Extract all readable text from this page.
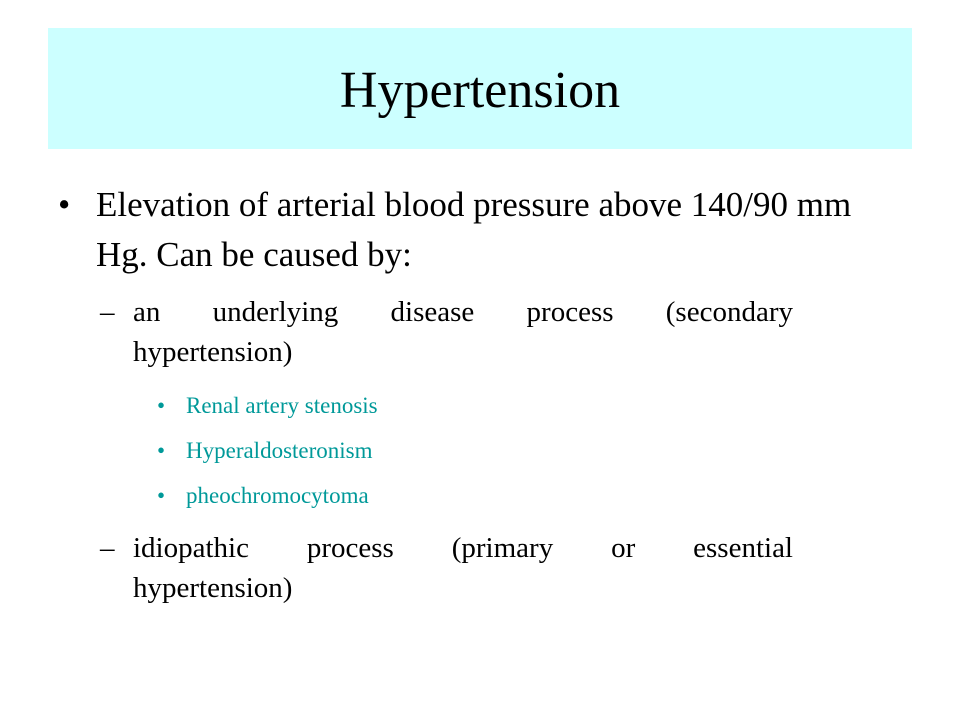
Hypertension
• Elevation of arterial blood pressure above 140/90 mm Hg. Can be caused by:
– an underlying disease process (secondary
hypertension)
• Renal artery stenosis
• Hyperaldosteronism
• pheochromocytoma
– idiopathic process (primary or essential
hypertension)
